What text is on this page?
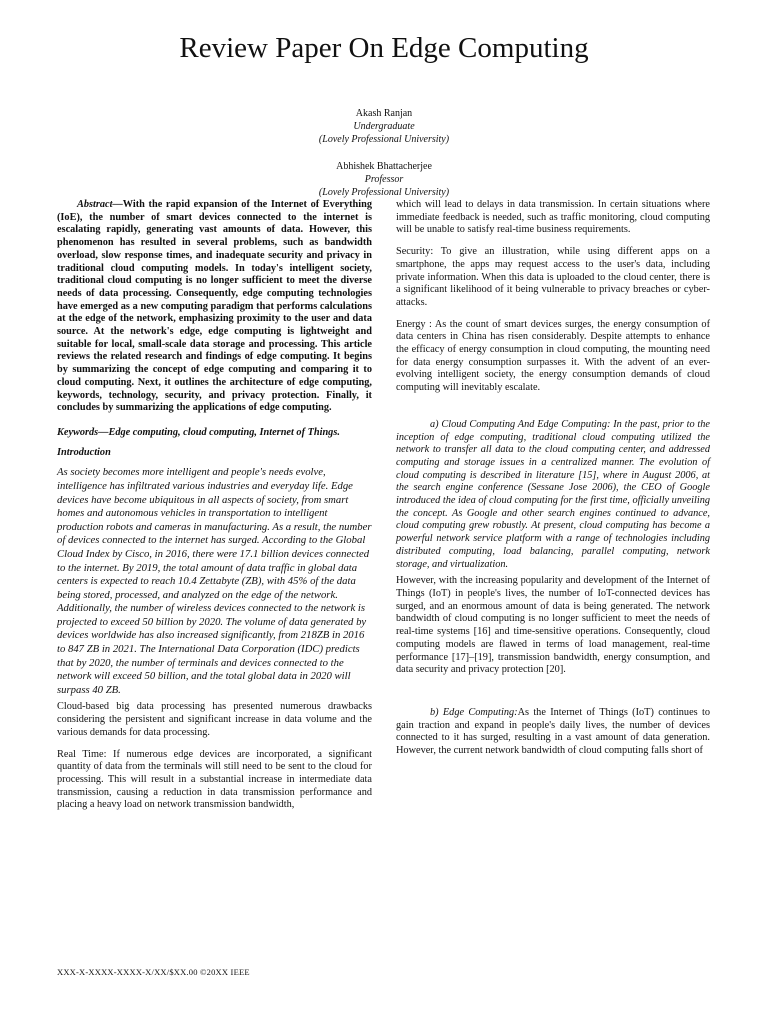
Review Paper On Edge Computing
Akash Ranjan
Undergraduate
(Lovely Professional University)
Abhishek Bhattacherjee
Professor
(Lovely Professional University)

Abstract—With the rapid expansion of the Internet of Everything (IoE), the number of smart devices connected to the internet is escalating rapidly, generating vast amounts of data. However, this phenomenon has resulted in several problems, such as bandwidth overload, slow response times, and inadequate security and privacy in traditional cloud computing models. In today's intelligent society, traditional cloud computing is no longer sufficient to meet the diverse needs of data processing. Consequently, edge computing technologies have emerged as a new computing paradigm that performs calculations at the edge of the network, emphasizing proximity to the user and data source. At the network's edge, edge computing is lightweight and suitable for local, small-scale data storage and processing. This article reviews the related research and findings of edge computing. It begins by summarizing the concept of edge computing and comparing it to cloud computing. Next, it outlines the architecture of edge computing, keywords, technology, security, and privacy protection. Finally, it concludes by summarizing the applications of edge computing.

Keywords—Edge computing, cloud computing, Internet of Things.

Introduction

As society becomes more intelligent and people's needs evolve, intelligence has infiltrated various industries and everyday life. Edge devices have become ubiquitous in all aspects of society, from smart homes and autonomous vehicles in transportation to intelligent production robots and cameras in manufacturing. As a result, the number of devices connected to the internet has surged. According to the Global Cloud Index by Cisco, in 2016, there were 17.1 billion devices connected to the internet. By 2019, the total amount of data traffic in global data centers is expected to reach 10.4 Zettabyte (ZB), with 45% of the data being stored, processed, and analyzed on the edge of the network. Additionally, the number of wireless devices connected to the network is projected to exceed 50 billion by 2020. The volume of data generated by devices worldwide has also increased significantly, from 218ZB in 2016 to 847 ZB in 2021. The International Data Corporation (IDC) predicts that by 2020, the number of terminals and devices connected to the network will exceed 50 billion, and the total global data in 2020 will surpass 40 ZB.

Cloud-based big data processing has presented numerous drawbacks considering the persistent and significant increase in data volume and the various demands for data processing.

Real Time: If numerous edge devices are incorporated, a significant quantity of data from the terminals will still need to be sent to the cloud for processing. This will result in a substantial increase in intermediate data transmission, causing a reduction in data transmission performance and placing a heavy load on network transmission bandwidth,

which will lead to delays in data transmission. In certain situations where immediate feedback is needed, such as traffic monitoring, cloud computing will be unable to satisfy real-time business requirements.

Security: To give an illustration, while using different apps on a smartphone, the apps may request access to the user's data, including private information. When this data is uploaded to the cloud center, there is a significant likelihood of it being vulnerable to privacy breaches or cyber-attacks.

Energy : As the count of smart devices surges, the energy consumption of data centers in China has risen considerably. Despite attempts to enhance the efficacy of energy consumption in cloud computing, the mounting need for data energy consumption surpasses it. With the advent of an ever-evolving intelligent society, the energy consumption demands of cloud computing will inevitably escalate.

a) Cloud Computing And Edge Computing: In the past, prior to the inception of edge computing, traditional cloud computing utilized the network to transfer all data to the cloud computing center, and addressed computing and storage issues in a centralized manner. The evolution of cloud computing is described in literature [15], where in August 2006, at the search engine conference (Sessane Jose 2006), the CEO of Google introduced the idea of cloud computing for the first time, officially unveiling the concept. As Google and other search engines continued to advance, cloud computing grew robustly. At present, cloud computing has become a powerful network service platform with a range of technologies including distributed computing, load balancing, parallel computing, network storage, and virtualization.

However, with the increasing popularity and development of the Internet of Things (IoT) in people's lives, the number of IoT-connected devices has surged, and an enormous amount of data is being generated. The network bandwidth of cloud computing is no longer sufficient to meet the needs of real-time systems [16] and time-sensitive operations. Consequently, cloud computing models are flawed in terms of load management, real-time performance [17]–[19], transmission bandwidth, energy consumption, and data security and privacy protection [20].

b) Edge Computing:As the Internet of Things (IoT) continues to gain traction and expand in people's daily lives, the number of devices connected to it has surged, resulting in a vast amount of data generation. However, the current network bandwidth of cloud computing falls short of

XXX-X-XXXX-XXXX-X/XX/$XX.00 ©20XX IEEE
